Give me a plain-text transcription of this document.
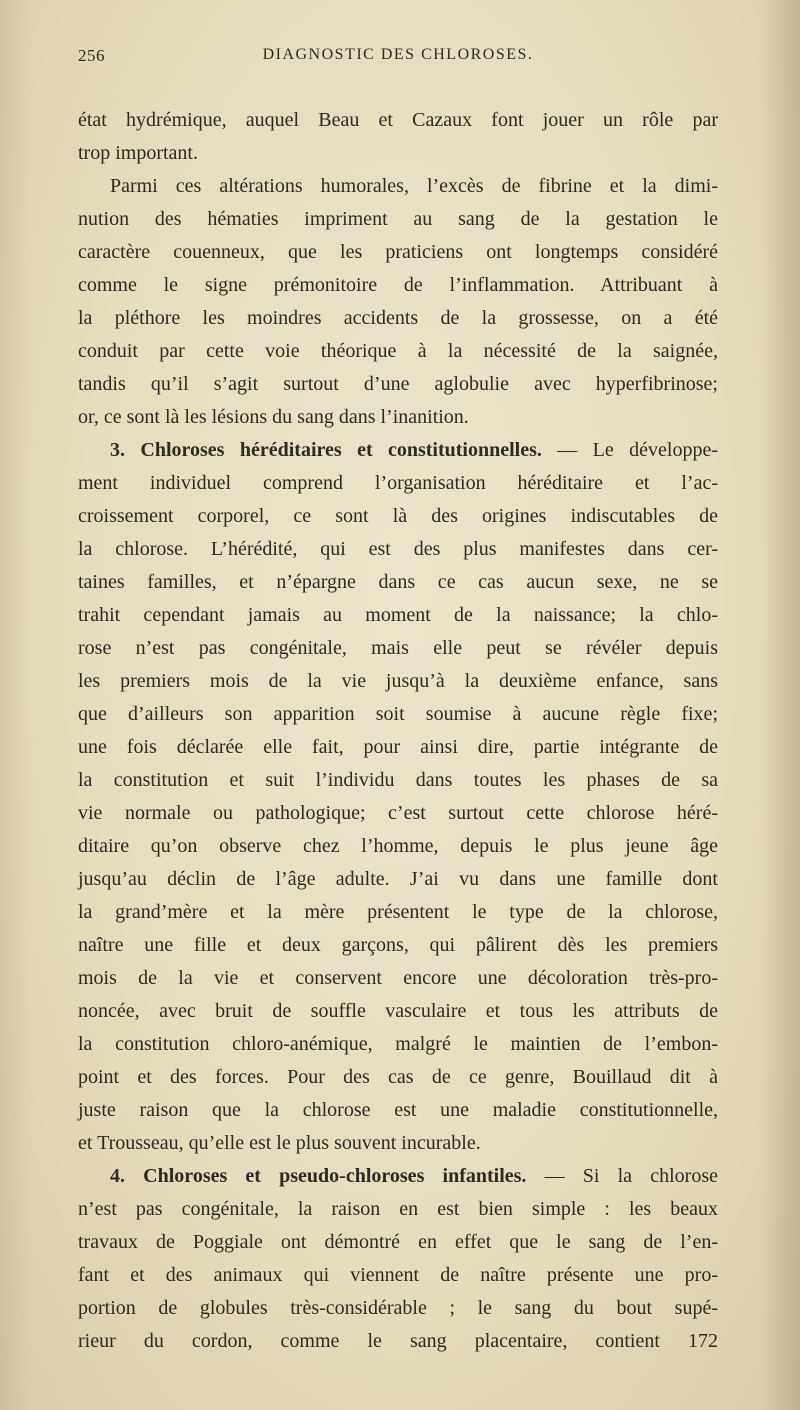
256	DIAGNOSTIC DES CHLOROSES.
état hydrémique, auquel Beau et Cazaux font jouer un rôle par
trop important.
Parmi ces altérations humorales, l’excès de fibrine et la dimi-
nution des hématies impriment au sang de la gestation le
caractère couenneux, que les praticiens ont longtemps considéré
comme le signe prémonitoire de l’inflammation. Attribuant à
la pléthore les moindres accidents de la grossesse, on a été
conduit par cette voie théorique à la nécessité de la saignée,
tandis qu’il s’agit surtout d’une aglobulie avec hyperfibrinose;
or, ce sont là les lésions du sang dans l’inanition.
3. Chloroses héréditaires et constitutionnelles. — Le développe-
ment individuel comprend l’organisation héréditaire et l’ac-
croissement corporel, ce sont là des origines indiscutables de
la chlorose. L’hérédité, qui est des plus manifestes dans cer-
taines familles, et n’épargne dans ce cas aucun sexe, ne se
trahit cependant jamais au moment de la naissance; la chlo-
rose n’est pas congénitale, mais elle peut se révéler depuis
les premiers mois de la vie jusqu’à la deuxième enfance, sans
que d’ailleurs son apparition soit soumise à aucune règle fixe;
une fois déclarée elle fait, pour ainsi dire, partie intégrante de
la constitution et suit l’individu dans toutes les phases de sa
vie normale ou pathologique; c’est surtout cette chlorose héré-
ditaire qu’on observe chez l’homme, depuis le plus jeune âge
jusqu’au déclin de l’âge adulte. J’ai vu dans une famille dont
la grand’mère et la mère présentent le type de la chlorose,
naître une fille et deux garçons, qui pâlirent dès les premiers
mois de la vie et conservent encore une décoloration très-pro-
noncée, avec bruit de souffle vasculaire et tous les attributs de
la constitution chloro-anémique, malgré le maintien de l’embon-
point et des forces. Pour des cas de ce genre, Bouillaud dit à
juste raison que la chlorose est une maladie constitutionnelle,
et Trousseau, qu’elle est le plus souvent incurable.
4. Chloroses et pseudo-chloroses infantiles. — Si la chlorose
n’est pas congénitale, la raison en est bien simple : les beaux
travaux de Poggiale ont démontré en effet que le sang de l’en-
fant et des animaux qui viennent de naître présente une pro-
portion de globules très-considérable ; le sang du bout supé-
rieur du cordon, comme le sang placentaire, contient 172
